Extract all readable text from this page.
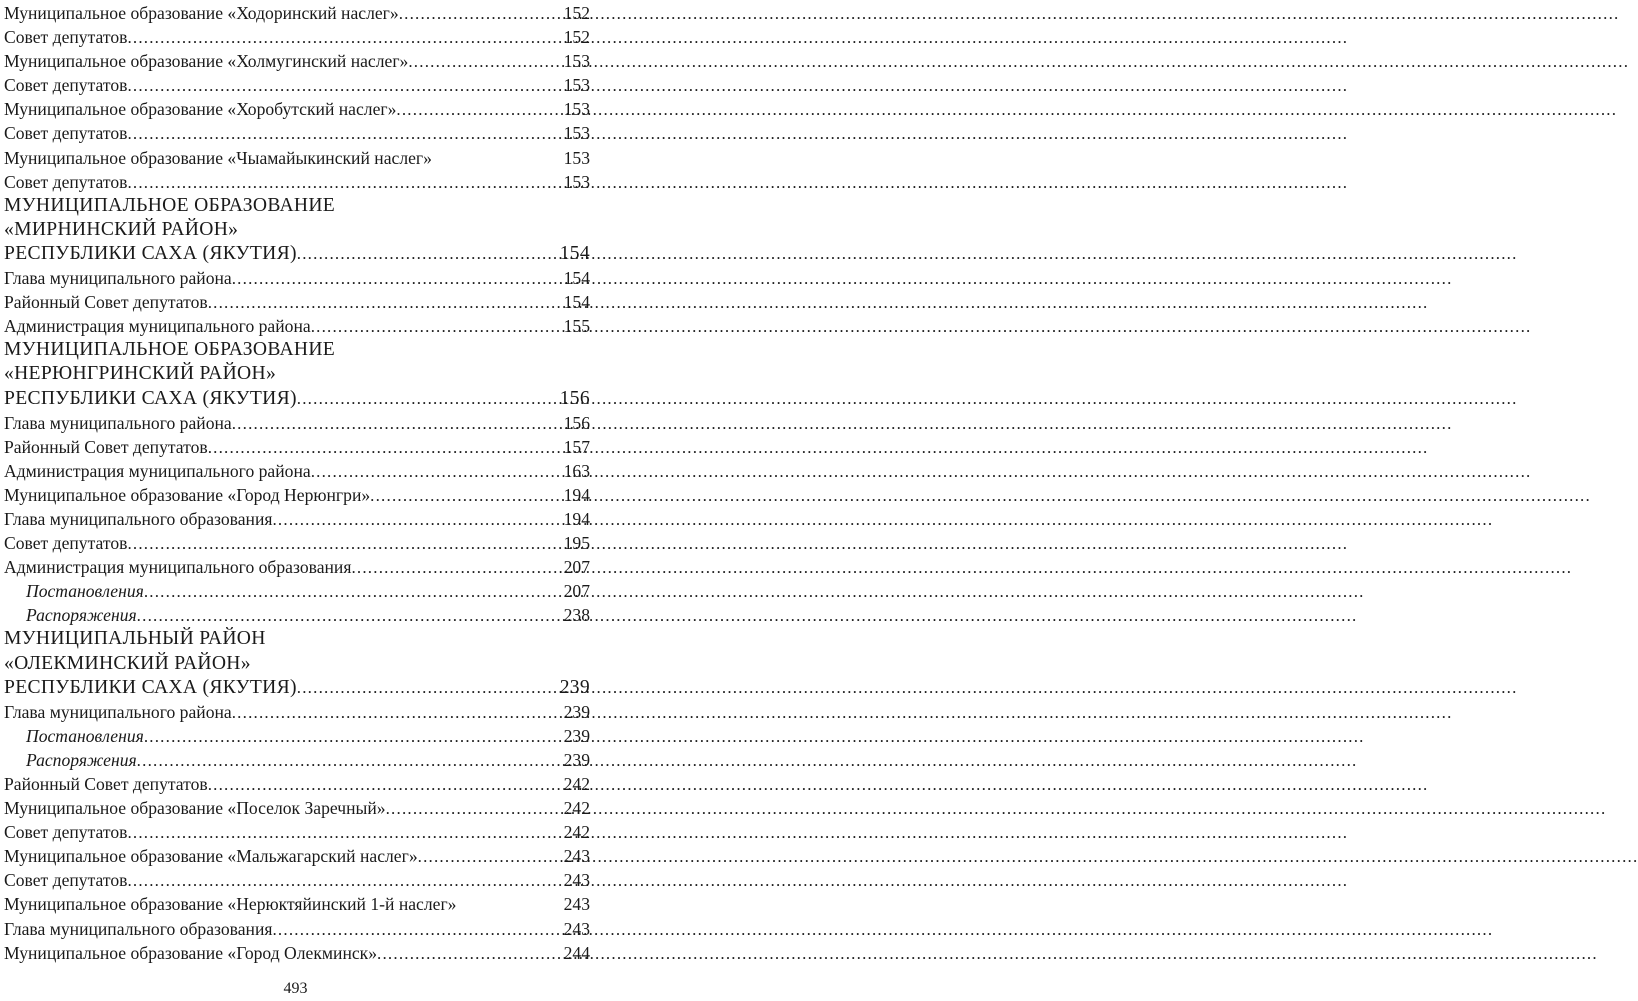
Муниципальное образование «Ходоринский наслег» .....	152
Совет депутатов .....	152
Муниципальное образование «Холмугинский наслег» .....	153
Совет депутатов .....	153
Муниципальное образование «Хоробутский наслег» .....	153
Совет депутатов .....	153
Муниципальное образование «Чыамайыкинский наслег»	153
Совет депутатов .....	153
МУНИЦИПАЛЬНОЕ ОБРАЗОВАНИЕ
«МИРНИНСКИЙ РАЙОН»
РЕСПУБЛИКИ САХА (ЯКУТИЯ) .....	154
Глава муниципального района .....	154
Районный Совет депутатов .....	154
Администрация муниципального района .....	155
МУНИЦИПАЛЬНОЕ ОБРАЗОВАНИЕ
«НЕРЮНГРИНСКИЙ РАЙОН»
РЕСПУБЛИКИ САХА (ЯКУТИЯ) .....	156
Глава муниципального района .....	156
Районный Совет депутатов .....	157
Администрация муниципального района .....	163
Муниципальное образование «Город Нерюнгри» .....	194
Глава муниципального образования .....	194
Совет депутатов .....	195
Администрация муниципального образования .....	207
Постановления .....	207
Распоряжения .....	238
МУНИЦИПАЛЬНЫЙ РАЙОН
«ОЛЕКМИНСКИЙ РАЙОН»
РЕСПУБЛИКИ САХА (ЯКУТИЯ) .....	239
Глава муниципального района .....	239
Постановления .....	239
Распоряжения .....	239
Районный Совет депутатов .....	242
Муниципальное образование «Поселок Заречный» .....	242
Совет депутатов .....	242
Муниципальное образование «Мальжагарский наслег» .....	243
Совет депутатов .....	243
Муниципальное образование «Нерюктяйинский 1-й наслег»	243
Глава муниципального образования .....	243
Муниципальное образование «Город Олекминск» .....	244
493
